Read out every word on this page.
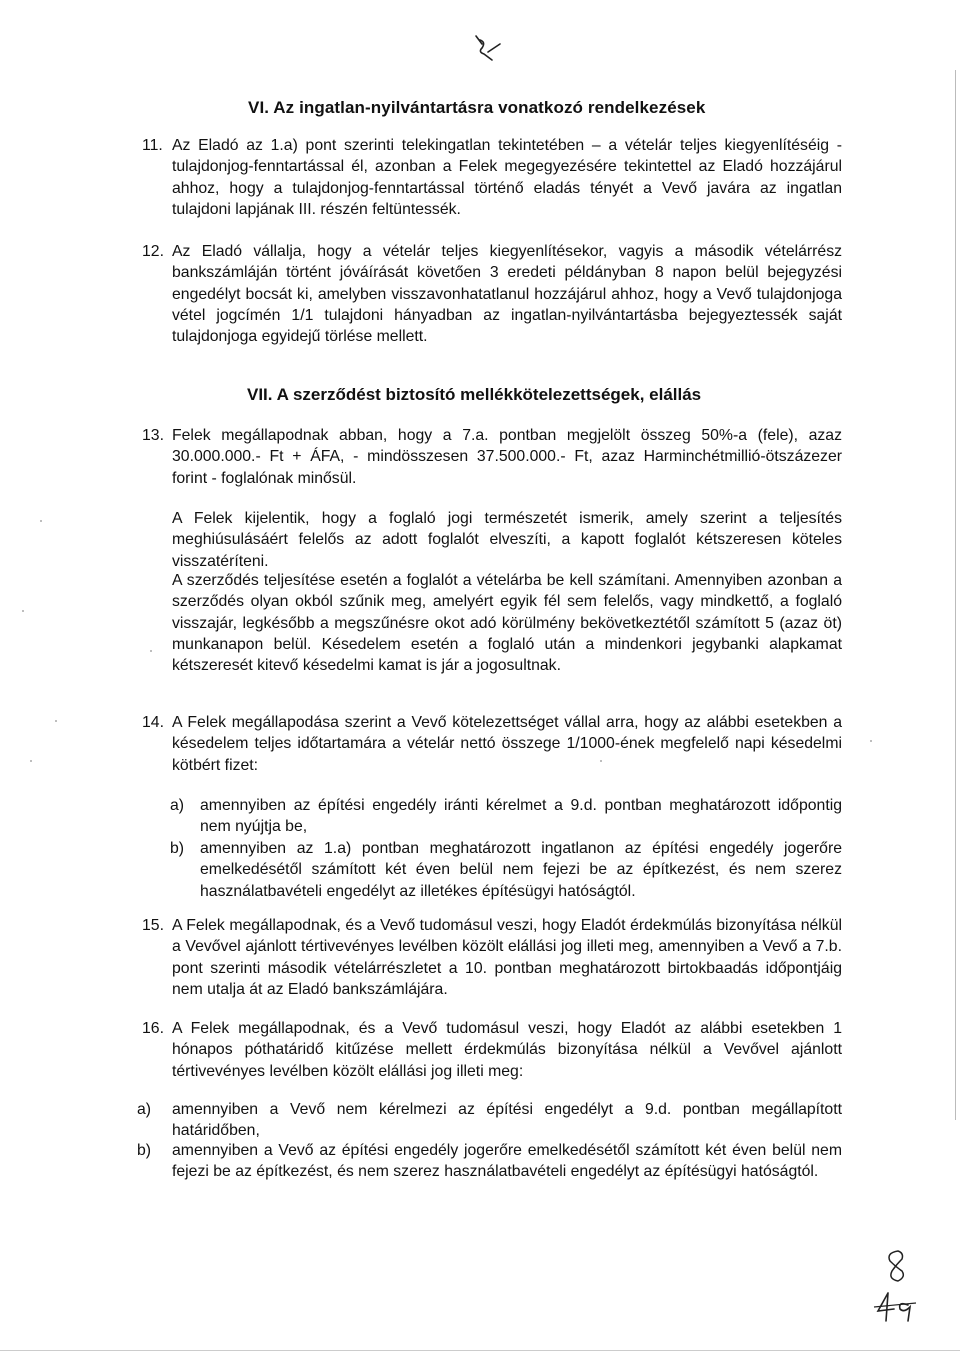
VI. Az ingatlan-nyilvántartásra vonatkozó rendelkezések
11. Az Eladó az 1.a) pont szerinti telekingatlan tekintetében – a vételár teljes kiegyenlítéséig - tulajdonjog-fenntartással él, azonban a Felek megegyezésére tekintettel az Eladó hozzájárul ahhoz, hogy a tulajdonjog-fenntartással történő eladás tényét a Vevő javára az ingatlan tulajdoni lapjának III. részén feltüntessék.
12. Az Eladó vállalja, hogy a vételár teljes kiegyenlítésekor, vagyis a második vételárrész bankszámláján történt jóváírását követően 3 eredeti példányban 8 napon belül bejegyzési engedélyt bocsát ki, amelyben visszavonhatatlanul hozzájárul ahhoz, hogy a Vevő tulajdonjoga vétel jogcímén 1/1 tulajdoni hányadban az ingatlan-nyilvántartásba bejegyeztessék saját tulajdonjoga egyidejű törlése mellett.
VII. A szerződést biztosító mellékkötelezettségek, elállás
13. Felek megállapodnak abban, hogy a 7.a. pontban megjelölt összeg 50%-a (fele), azaz 30.000.000.- Ft + ÁFA, - mindösszesen 37.500.000.- Ft, azaz Harminchétmillió-ötszázezer forint - foglalónak minősül.
A Felek kijelentik, hogy a foglaló jogi természetét ismerik, amely szerint a teljesítés meghiúsulásáért felelős az adott foglalót elveszíti, a kapott foglalót kétszeresen köteles visszatéríteni.
A szerződés teljesítése esetén a foglalót a vételárba be kell számítani. Amennyiben azonban a szerződés olyan okból szűnik meg, amelyért egyik fél sem felelős, vagy mindkettő, a foglaló visszajár, legkésőbb a megszűnésre okot adó körülmény bekövetkeztétől számított 5 (azaz öt) munkanapon belül. Késedelem esetén a foglaló után a mindenkori jegybanki alapkamat kétszeresét kitevő késedelmi kamat is jár a jogosultnak.
14. A Felek megállapodása szerint a Vevő kötelezettséget vállal arra, hogy az alábbi esetekben a késedelem teljes időtartamára a vételár nettó összege 1/1000-ének megfelelő napi késedelmi kötbért fizet:
a) amennyiben az építési engedély iránti kérelmet a 9.d. pontban meghatározott időpontig nem nyújtja be,
b) amennyiben az 1.a) pontban meghatározott ingatlanon az építési engedély jogerőre emelkedésétől számított két éven belül nem fejezi be az építkezést, és nem szerez használatbavételi engedélyt az illetékes építésügyi hatóságtól.
15. A Felek megállapodnak, és a Vevő tudomásul veszi, hogy Eladót érdekmúlás bizonyítása nélkül a Vevővel ajánlott tértivevényes levélben közölt elállási jog illeti meg, amennyiben a Vevő a 7.b. pont szerinti második vételárrészletet a 10. pontban meghatározott birtokbaadás időpontjáig nem utalja át az Eladó bankszámlájára.
16. A Felek megállapodnak, és a Vevő tudomásul veszi, hogy Eladót az alábbi esetekben 1 hónapos póthatáridő kitűzése mellett érdekmúlás bizonyítása nélkül a Vevővel ajánlott tértivevényes levélben közölt elállási jog illeti meg:
a) amennyiben a Vevő nem kérelmezi az építési engedélyt a 9.d. pontban megállapított határidőben,
b) amennyiben a Vevő az építési engedély jogerőre emelkedésétől számított két éven belül nem fejezi be az építkezést, és nem szerez használatbavételi engedélyt az építésügyi hatóságtól.
